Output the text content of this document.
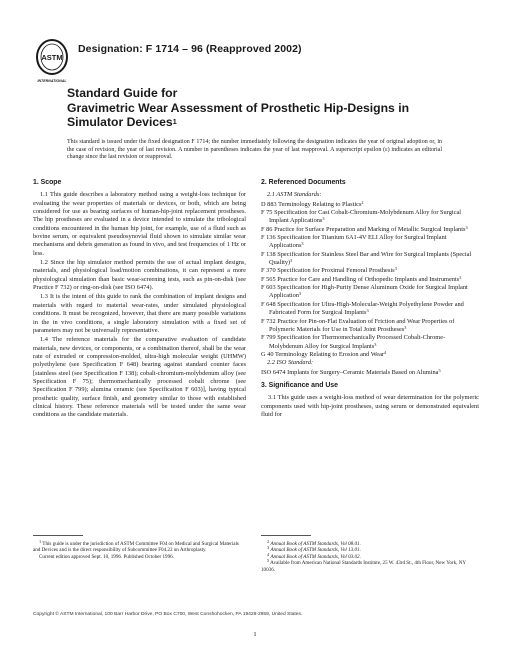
ASTM
INTERNATIONAL
Designation: F 1714 – 96 (Reapproved 2002)
Standard Guide for
Gravimetric Wear Assessment of Prosthetic Hip-Designs in
Simulator Devices$^1$
This standard is issued under the fixed designation F 1714; the number immediately following the designation indicates the year of original adoption or, in the case of revision, the year of last revision. A number in parentheses indicates the year of last reapproval. A superscript epsilon (ε) indicates an editorial change since the last revision or reapproval.
1. Scope

1.1 This guide describes a laboratory method using a weight-loss technique for evaluating the wear properties of materials or devices, or both, which are being considered for use as bearing surfaces of human-hip-joint replacement prostheses. The hip prostheses are evaluated in a device intended to simulate the tribological conditions encountered in the human hip joint, for example, use of a fluid such as bovine serum, or equivalent pseudosynovial fluid shown to simulate similar wear mechanisms and debris generation as found in vivo, and test frequencies of 1 Hz or less.

1.2 Since the hip simulator method permits the use of actual implant designs, materials, and physiological load/motion combinations, it can represent a more physiological simulation than basic wear-screening tests, such as pin-on-disk (see Practice F 732) or ring-on-disk (see ISO 6474).

1.3 It is the intent of this guide to rank the combination of implant designs and materials with regard to material wear-rates, under simulated physiological conditions. It must be recognized, however, that there are many possible variations in the in vivo conditions, a single laboratory simulation with a fixed set of parameters may not be universally representative.

1.4 The reference materials for the comparative evaluation of candidate materials, new devices, or components, or a combination thereof, shall be the wear rate of extruded or compression-molded, ultra-high molecular weight (UHMW) polyethylene (see Specification F 648) bearing against standard counter faces [stainless steel (see Specification F 138); cobalt-chromium-molybdenum alloy (see Specification F 75); thermomechanically processed cobalt chrome (see Specification F 799); alumina ceramic (see Specification F 603)], having typical prosthetic quality, surface finish, and geometry similar to those with established clinical history. These reference materials will be tested under the same wear conditions as the candidate materials.

2. Referenced Documents

2.1 ASTM Standards:

D 883 Terminology Relating to Plastics$^2$

F 75 Specification for Cast Cobalt-Chromium-Molybdenum Alloy for Surgical Implant Applications$^3$

F 86 Practice for Surface Preparation and Marking of Metallic Surgical Implants$^3$

F 136 Specification for Titanium 6A1-4V ELI Alloy for Surgical Implant Applications$^3$

F 138 Specification for Stainless Steel Bar and Wire for Surgical Implants (Special Quality)$^3$

F 370 Specification for Proximal Femoral Prosthesis$^3$

F 565 Practice for Care and Handling of Orthopedic Implants and Instruments$^3$

F 603 Specification for High-Purity Dense Aluminum Oxide for Surgical Implant Application$^3$

F 648 Specification for Ultra-High-Molecular-Weight Polyethylene Powder and Fabricated Form for Surgical Implants$^3$

F 732 Practice for Pin-on-Flat Evaluation of Friction and Wear Properties of Polymeric Materials for Use in Total Joint Prostheses$^3$

F 799 Specification for Thermomechanically Processed Cobalt-Chrome-Molybdenum Alloy for Surgical Implants$^3$

G 40 Terminology Relating to Erosion and Wear$^4$

2.2 ISO Standard:

ISO 6474 Implants for Surgery–Ceramic Materials Based on Alumina$^5$

3. Significance and Use

3.1 This guide uses a weight-loss method of wear determination for the polymeric components used with hip-joint prostheses, using serum or demonstrated equivalent fluid for

$^1$ This guide is under the jurisdiction of ASTM Committee F04 on Medical and Surgical Materials and Devices and is the direct responsibility of Subcommittee F04.22 on Arthroplasty.

Current edition approved Sept. 10, 1996. Published October 1996.

$^2$ Annual Book of ASTM Standards, Vol 08.01.

$^3$ Annual Book of ASTM Standards, Vol 13.01.

$^4$ Annual Book of ASTM Standards, Vol 03.02.

$^5$ Available from American National Standards Institute, 25 W. 43rd St., 4th Floor, New York, NY 10036.

Copyright © ASTM International, 100 Barr Harbor Drive, PO Box C700, West Conshohocken, PA 19428-2959, United States.
1
